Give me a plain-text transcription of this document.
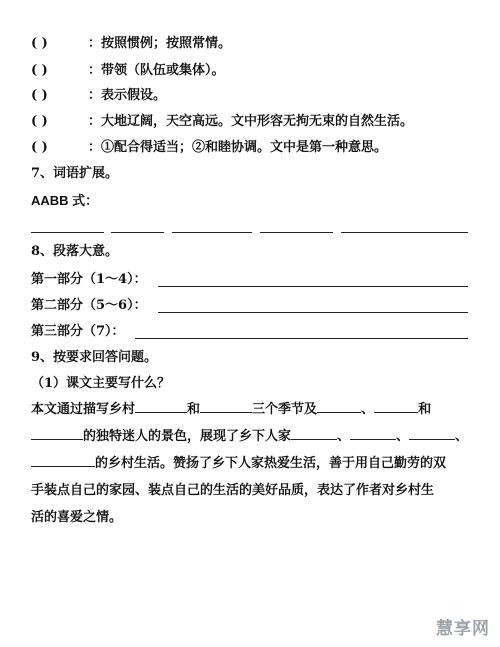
( )	：按照惯例；按照常情。
( )	：带领（队伍或集体）。
( )	：表示假设。
( )	：大地辽阔，天空高远。文中形容无拘无束的自然生活。
( )	：①配合得适当；②和睦协调。文中是第一种意思。
7、词语扩展。
AABB 式：
8、段落大意。
第一部分（1～4）：
第二部分（5～6）：
第三部分（7）：
9、按要求回答问题。
（1）课文主要写什么？
本文通过描写乡村	和	三个季节及	、	和
的独特迷人的景色，展现了乡下人家	、	、	、
的乡村生活。赞扬了乡下人家热爱生活，善于用自己勤劳的双
手装点自己的家园、装点自己的生活的美好品质，表达了作者对乡村生
活的喜爱之情。
慧享网
